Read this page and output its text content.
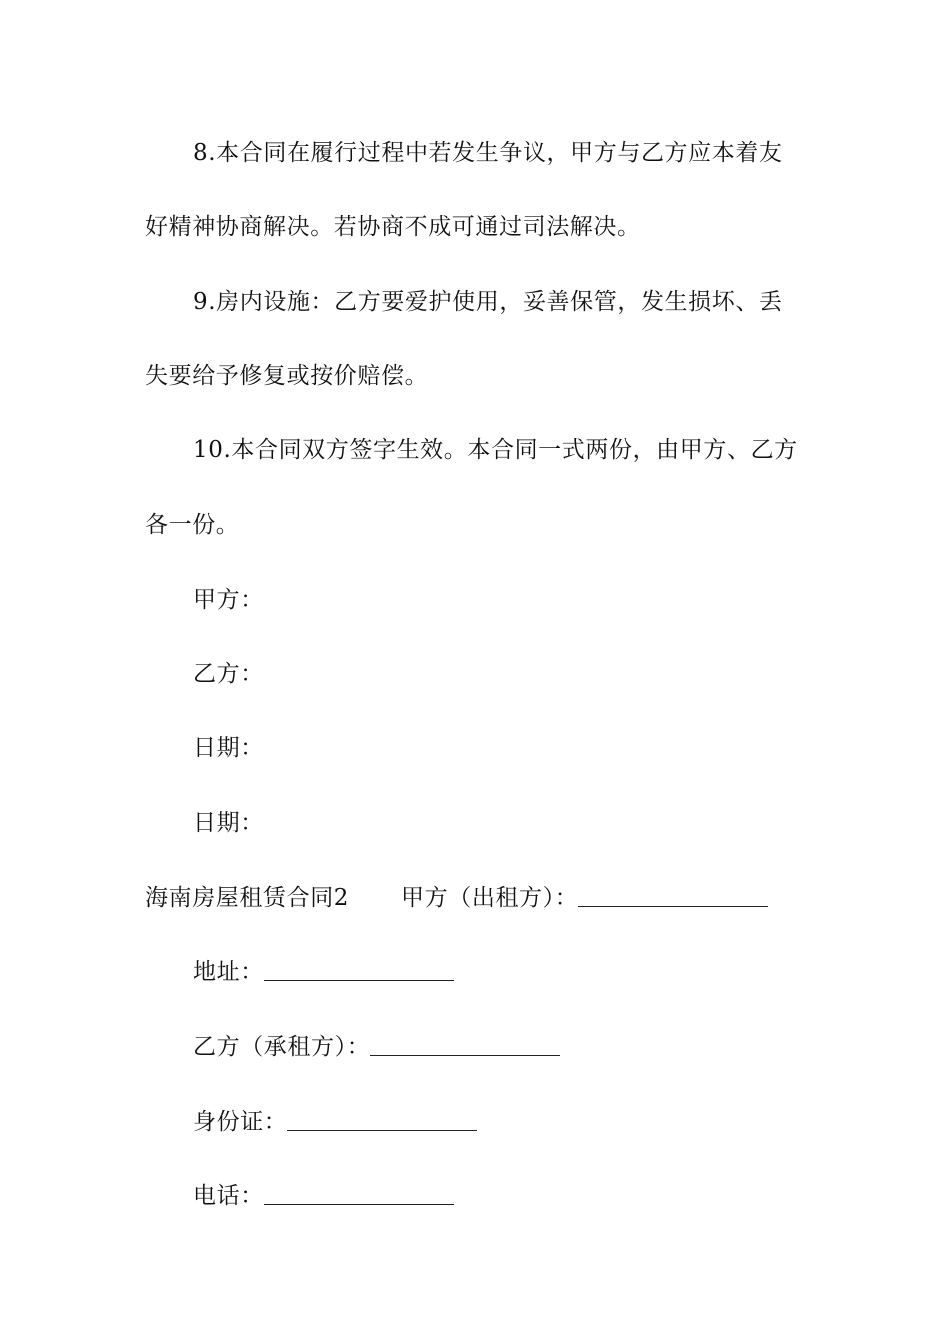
8.本合同在履行过程中若发生争议，甲方与乙方应本着友
好精神协商解决。若协商不成可通过司法解决。
9.房内设施：乙方要爱护使用，妥善保管，发生损坏、丢
失要给予修复或按价赔偿。
10.本合同双方签字生效。本合同一式两份，由甲方、乙方
各一份。
甲方：
乙方：
日期：
日期：
海南房屋租赁合同2 甲方（出租方）：
地址：
乙方（承租方）：
身份证：
电话：
